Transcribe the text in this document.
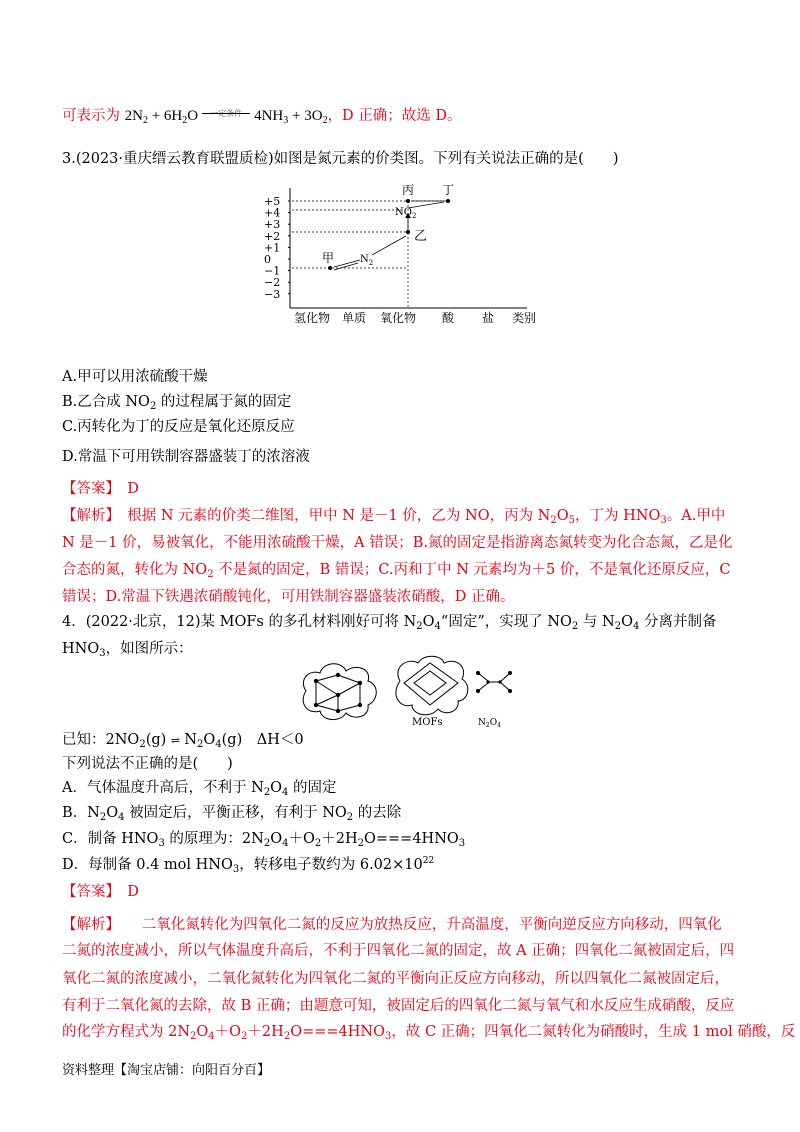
可表示为 $2N_2 + 6H_2O$ 一定条件 $4NH_3 + 3O_2$，D 正确；故选 D。
3.(2023·重庆缙云教育联盟质检)如图是氮元素的价类图。下列有关说法正确的是(　　)
+5
+4
+3
+2
+1
0
−1
−2
−3
甲	$N_2$
乙
$NO_2$
丙 丁
氢化物 单质 氧化物 酸 盐 类别
A.甲可以用浓硫酸干燥
B.乙合成 $NO_2$ 的过程属于氮的固定
C.丙转化为丁的反应是氧化还原反应
D.常温下可用铁制容器盛装丁的浓溶液
【答案】　 D
【解析】　 根据 N 元素的价类二维图，甲中 N 是－1 价，乙为 NO，丙为 $N_2O_5$，丁为 $HNO_3$。A.甲中 N 是－1 价，易被氧化，不能用浓硫酸干燥，A 错误；B.氮的固定是指游离态氮转变为化合态氮，乙是化合态的氮，转化为 $NO_2$ 不是氮的固定，B 错误；C.丙和丁中 N 元素均为＋5 价，不是氧化还原反应，C 错误；D.常温下铁遇浓硝酸钝化，可用铁制容器盛装浓硝酸，D 正确。
4．(2022·北京，12)某 MOFs 的多孔材料刚好可将 $N_2O_4“$固定”，实现了 $NO_2$ 与 $N_2O_4$ 分离并制备 $HNO_3$，如图所示：
MOFs	$N_2O_4$
已知：$2NO_2(g)$ ⇌ $N_2O_4(g)$　ΔH＜0
下列说法不正确的是(　　)
A．气体温度升高后，不利于 $N_2O_4$ 的固定
B．$N_2O_4$ 被固定后，平衡正移，有利于 $NO_2$ 的去除
C．制备 $HNO_3$ 的原理为：$2N_2O_4+O_2+2H_2O===4HNO_3$
D．每制备 0.4 mol $HNO_3$，转移电子数约为 $6.02\times 10^{22}$
【答案】　 D
【解析】　　 二氧化氮转化为四氧化二氮的反应为放热反应，升高温度，平衡向逆反应方向移动，四氧化
二氮的浓度减小，所以气体温度升高后，不利于四氧化二氮的固定，故 A 正确；四氧化二氮被固定后，四
氧化二氮的浓度减小，二氧化氮转化为四氧化二氮的平衡向正反应方向移动，所以四氧化二氮被固定后，
有利于二氧化氮的去除，故 B 正确；由题意可知，被固定后的四氧化二氮与氧气和水反应生成硝酸，反应
的化学方程式为 $2N_2O_4+O_2+2H_2O===4HNO_3$，故 C 正确；四氧化二氮转化为硝酸时，生成 1 mol 硝酸，反
资料整理【淘宝店铺：向阳百分百】
